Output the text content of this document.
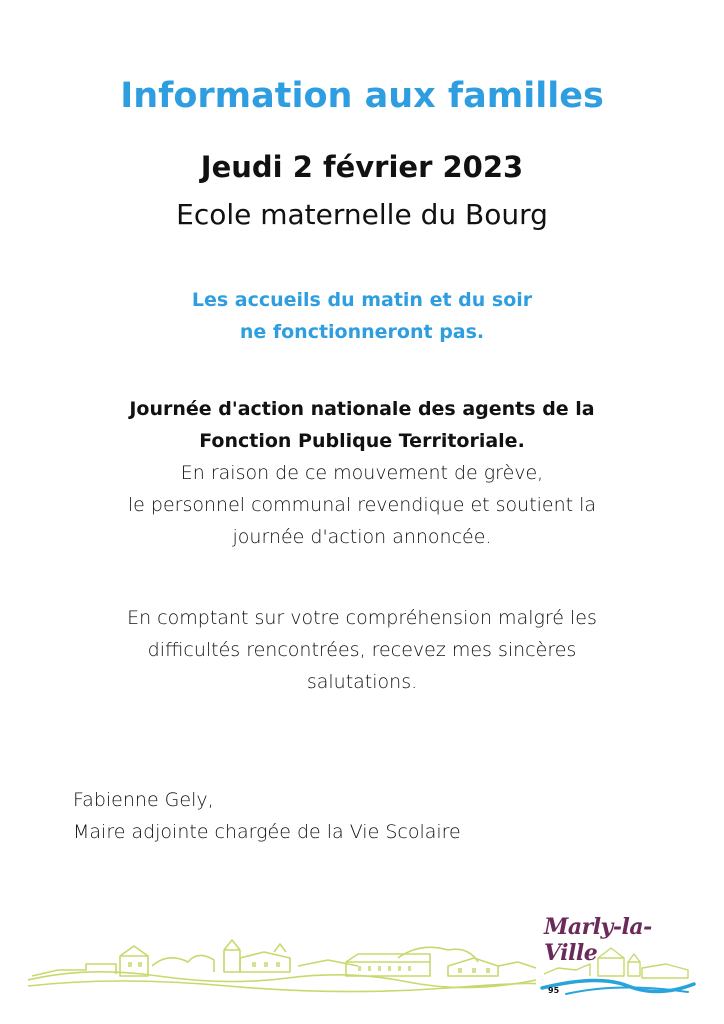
Information aux familles
Jeudi 2 février 2023
Ecole maternelle du Bourg
Les accueils du matin et du soir
ne fonctionneront pas.
Journée d'action nationale des agents de la
Fonction Publique Territoriale.
En raison de ce mouvement de grève,
le personnel communal revendique et soutient la
journée d'action annoncée.
En comptant sur votre compréhension malgré les
difficultés rencontrées, recevez mes sincères
salutations.
Fabienne Gely,
Maire adjointe chargée de la Vie Scolaire
Marly-la-Ville
95
